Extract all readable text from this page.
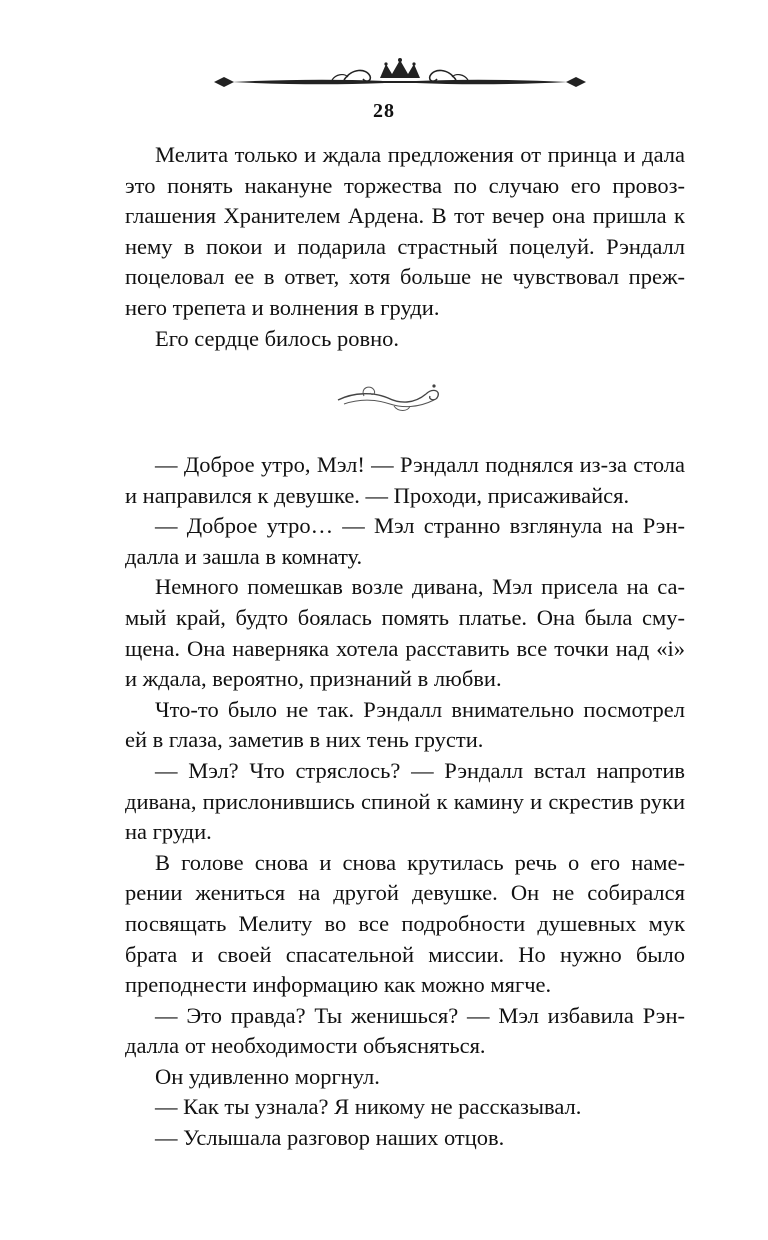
28

Мелита только и ждала предложения от принца и дала это понять накануне торжества по случаю его провозглашения Хранителем Ардена. В тот вечер она пришла к нему в покои и подарила страстный поцелуй. Рэндалл поцеловал ее в ответ, хотя больше не чувствовал прежнего трепета и волнения в груди.

Его сердце билось ровно.

— Доброе утро, Мэл! — Рэндалл поднялся из-за стола и направился к девушке. — Проходи, присаживайся.

— Доброе утро… — Мэл странно взглянула на Рэндалла и зашла в комнату.

Немного помешкав возле дивана, Мэл присела на самый край, будто боялась помять платье. Она была смущена. Она наверняка хотела расставить все точки над «i» и ждала, вероятно, признаний в любви.

Что-то было не так. Рэндалл внимательно посмотрел ей в глаза, заметив в них тень грусти.

— Мэл? Что стряслось? — Рэндалл встал напротив дивана, прислонившись спиной к камину и скрестив руки на груди.

В голове снова и снова крутилась речь о его намерении жениться на другой девушке. Он не собирался посвящать Мелиту во все подробности душевных мук брата и своей спасательной миссии. Но нужно было преподнести информацию как можно мягче.

— Это правда? Ты женишься? — Мэл избавила Рэндалла от необходимости объясняться.

Он удивленно моргнул.

— Как ты узнала? Я никому не рассказывал.

— Услышала разговор наших отцов.
